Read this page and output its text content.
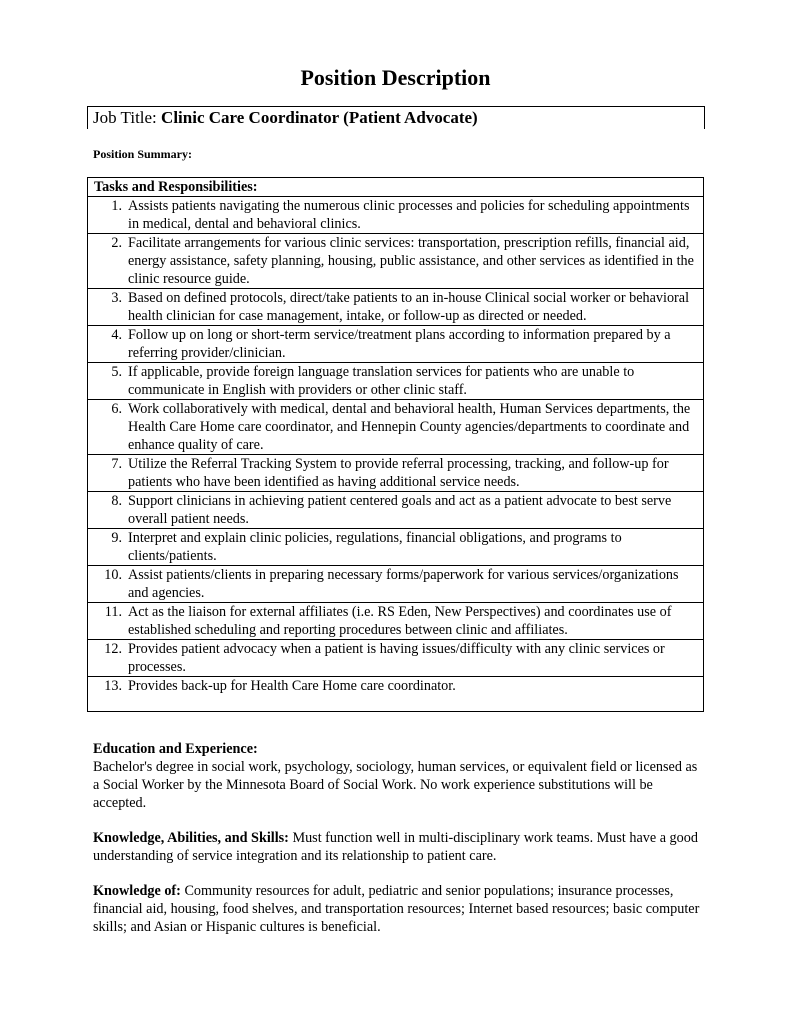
Position Description
Job Title: Clinic Care Coordinator (Patient Advocate)
Position Summary:
Tasks and Responsibilities:

1. Assists patients navigating the numerous clinic processes and policies for scheduling appointments in medical, dental and behavioral clinics.

2. Facilitate arrangements for various clinic services: transportation, prescription refills, financial aid, energy assistance, safety planning, housing, public assistance, and other services as identified in the clinic resource guide.

3. Based on defined protocols, direct/take patients to an in-house Clinical social worker or behavioral health clinician for case management, intake, or follow-up as directed or needed.

4. Follow up on long or short-term service/treatment plans according to information prepared by a referring provider/clinician.

5. If applicable, provide foreign language translation services for patients who are unable to communicate in English with providers or other clinic staff.

6. Work collaboratively with medical, dental and behavioral health, Human Services departments, the Health Care Home care coordinator, and Hennepin County agencies/departments to coordinate and enhance quality of care.

7. Utilize the Referral Tracking System to provide referral processing, tracking, and follow-up for patients who have been identified as having additional service needs.

8. Support clinicians in achieving patient centered goals and act as a patient advocate to best serve overall patient needs.

9. Interpret and explain clinic policies, regulations, financial obligations, and programs to clients/patients.

10. Assist patients/clients in preparing necessary forms/paperwork for various services/organizations and agencies.

11. Act as the liaison for external affiliates (i.e. RS Eden, New Perspectives) and coordinates use of established scheduling and reporting procedures between clinic and affiliates.

12. Provides patient advocacy when a patient is having issues/difficulty with any clinic services or processes.

13. Provides back-up for Health Care Home care coordinator.

Education and Experience:
Bachelor's degree in social work, psychology, sociology, human services, or equivalent field or licensed as a Social Worker by the Minnesota Board of Social Work. No work experience substitutions will be accepted.
Knowledge, Abilities, and Skills: Must function well in multi-disciplinary work teams. Must have a good understanding of service integration and its relationship to patient care.
Knowledge of: Community resources for adult, pediatric and senior populations; insurance processes, financial aid, housing, food shelves, and transportation resources; Internet based resources; basic computer skills; and Asian or Hispanic cultures is beneficial.
